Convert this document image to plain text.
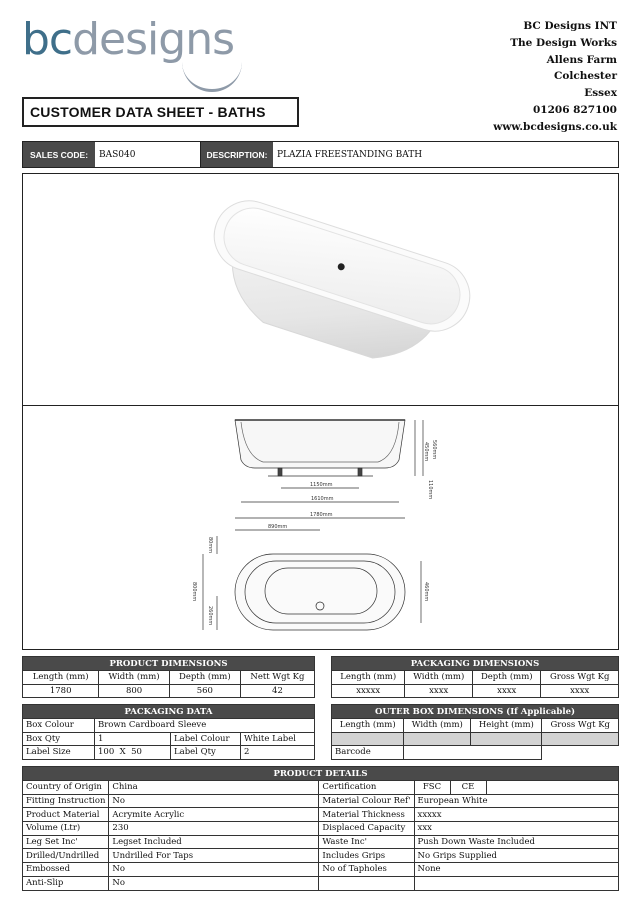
bcdesigns	BC Designs INT
The Design Works
Allens Farm
Colchester
Essex
01206 827100
www.bcdesigns.co.uk
CUSTOMER DATA SHEET - BATHS
SALES CODE:	BAS040	DESCRIPTION:	PLAZIA FREESTANDING BATH
450mm 560mm
110mm
1150mm
1610mm
1780mm
890mm
80mm
800mm
260mm
460mm
PRODUCT DIMENSIONS			
Length (mm)	Width (mm)	Depth (mm)	Nett Wgt Kg
1780	800	560	42
PACKAGING DIMENSIONS			
Length (mm)	Width (mm)	Depth (mm)	Gross Wgt Kg
xxxxx	xxxx	xxxx	xxxx
PACKAGING DATA			
Box Colour	Brown Cardboard Sleeve		
Box Qty	1	Label Colour	White Label
Label Size	100  X  50	Label Qty	2
OUTER BOX DIMENSIONS (If Applicable)			
Length (mm)	Width (mm)	Height (mm)	Gross Wgt Kg

Barcode			
PRODUCT DETAILS					
Country of Origin	China	Certification	FSC	CE	
Fitting Instruction	No	Material Colour Ref'	European White		
Product Material	Acrymite Acrylic	Material Thickness	xxxxx		
Volume (Ltr)	230	Displaced Capacity	xxx		
Leg Set Inc'	Legset Included	Waste Inc'	Push Down Waste Included		
Drilled/Undrilled	Undrilled For Taps	Includes Grips	No Grips Supplied		
Embossed	No	No of Tapholes	None		
Anti-Slip	No				
